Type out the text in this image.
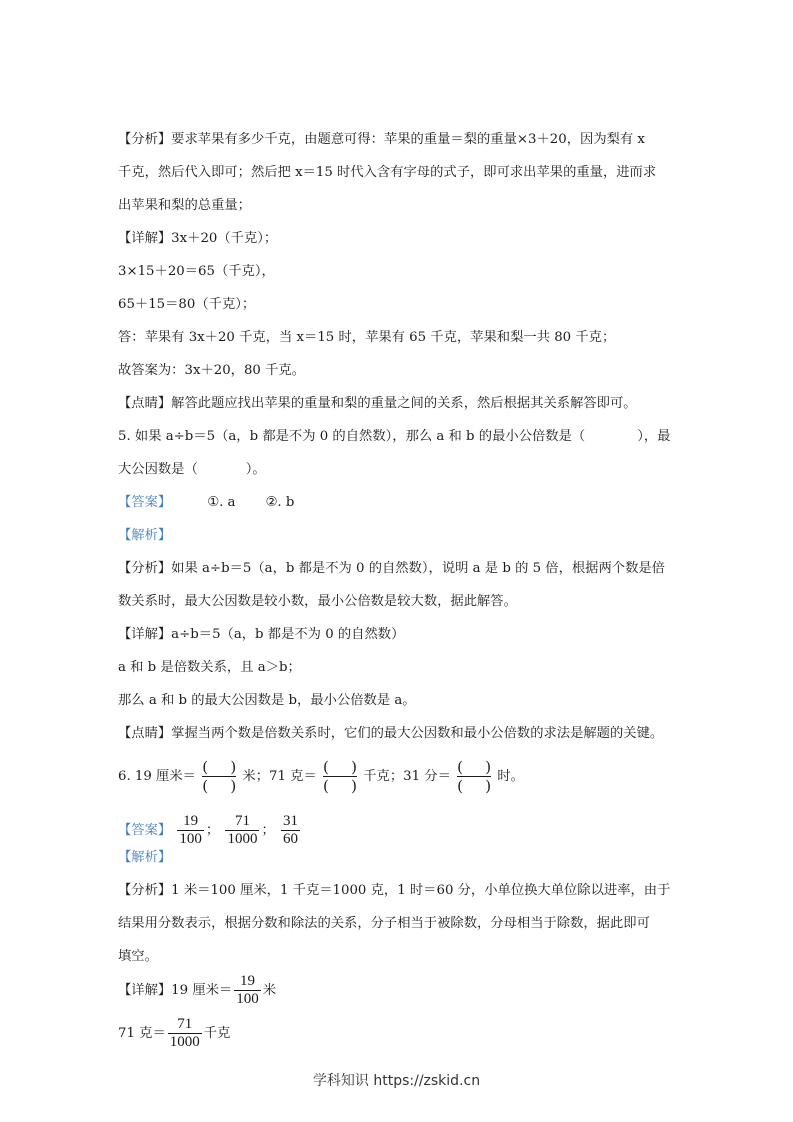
【分析】要求苹果有多少千克，由题意可得：苹果的重量＝梨的重量×3＋20，因为梨有 x
千克，然后代入即可；然后把 x＝15 时代入含有字母的式子，即可求出苹果的重量，进而求
出苹果和梨的总重量；
【详解】3x＋20（千克）；
3×15＋20＝65（千克），
65＋15＝80（千克）；
答：苹果有 3x＋20 千克，当 x＝15 时，苹果有 65 千克，苹果和梨一共 80 千克；
故答案为：3x＋20，80 千克。
【点睛】解答此题应找出苹果的重量和梨的重量之间的关系，然后根据其关系解答即可。
5. 如果 a÷b＝5（a，b 都是不为 0 的自然数），那么 a 和 b 的最小公倍数是（	），最
大公因数是（	）。
【答案】	①. a ②. b
【解析】
【分析】如果 a÷b＝5（a，b 都是不为 0 的自然数），说明 a 是 b 的 5 倍，根据两个数是倍
数关系时，最大公因数是较小数，最小公倍数是较大数，据此解答。
【详解】a÷b＝5（a，b 都是不为 0 的自然数）
a 和 b 是倍数关系，且 a＞b；
那么 a 和 b 的最大公因数是 b，最小公倍数是 a。
【点睛】掌握当两个数是倍数关系时，它们的最大公因数和最小公倍数的求法是解题的关键。
6. 19 厘米＝
( )
( )
米；71 克＝
( )
( )
千克；31 分＝
( )
( )
时。
【答案】 $\frac{19}{100}$ ； $\frac{71}{1000}$ ； $\frac{31}{60}$
【解析】
【分析】1 米＝100 厘米，1 千克＝1000 克，1 时＝60 分，小单位换大单位除以进率，由于
结果用分数表示，根据分数和除法的关系，分子相当于被除数，分母相当于除数，据此即可
填空。
【详解】19 厘米＝ $\frac{19}{100}$ 米
71 克＝ $\frac{71}{1000}$ 千克
学科知识 https://zskid.cn
